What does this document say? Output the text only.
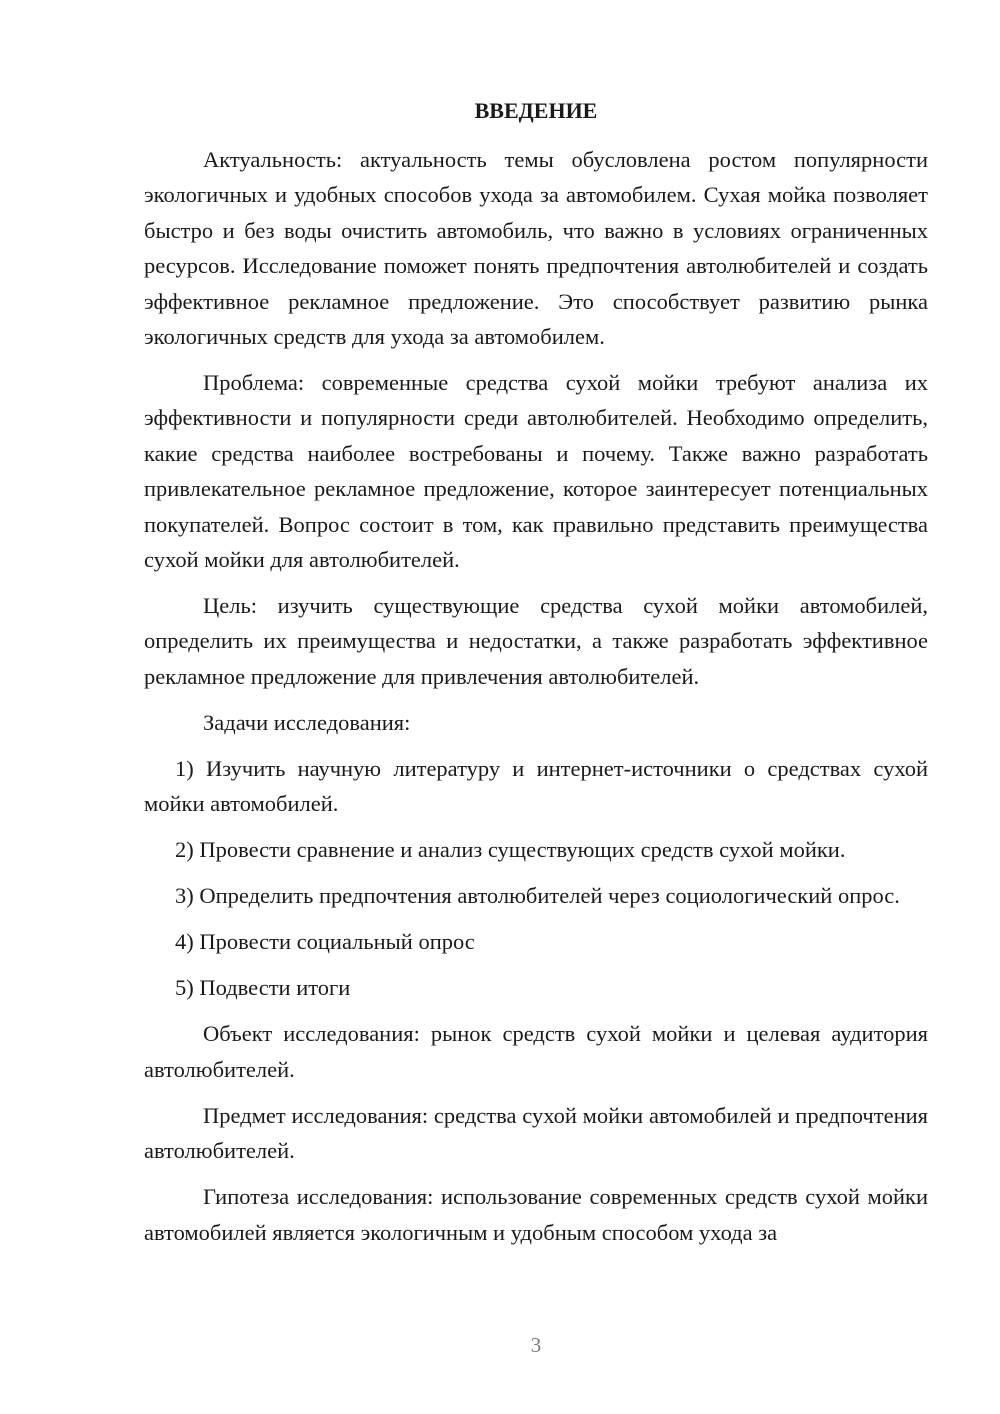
ВВЕДЕНИЕ

Актуальность: актуальность темы обусловлена ростом популярности экологичных и удобных способов ухода за автомобилем. Сухая мойка позволяет быстро и без воды очистить автомобиль, что важно в условиях ограниченных ресурсов. Исследование поможет понять предпочтения автолюбителей и создать эффективное рекламное предложение. Это способствует развитию рынка экологичных средств для ухода за автомобилем.

Проблема: современные средства сухой мойки требуют анализа их эффективности и популярности среди автолюбителей. Необходимо определить, какие средства наиболее востребованы и почему. Также важно разработать привлекательное рекламное предложение, которое заинтересует потенциальных покупателей. Вопрос состоит в том, как правильно представить преимущества сухой мойки для автолюбителей.

Цель: изучить существующие средства сухой мойки автомобилей, определить их преимущества и недостатки, а также разработать эффективное рекламное предложение для привлечения автолюбителей.

Задачи исследования:

1) Изучить научную литературу и интернет-источники о средствах сухой мойки автомобилей.

2) Провести сравнение и анализ существующих средств сухой мойки.

3) Определить предпочтения автолюбителей через социологический опрос.

4) Провести социальный опрос

5) Подвести итоги

Объект исследования: рынок средств сухой мойки и целевая аудитория автолюбителей.

Предмет исследования: средства сухой мойки автомобилей и предпочтения автолюбителей.

Гипотеза исследования: использование современных средств сухой мойки автомобилей является экологичным и удобным способом ухода за

3
